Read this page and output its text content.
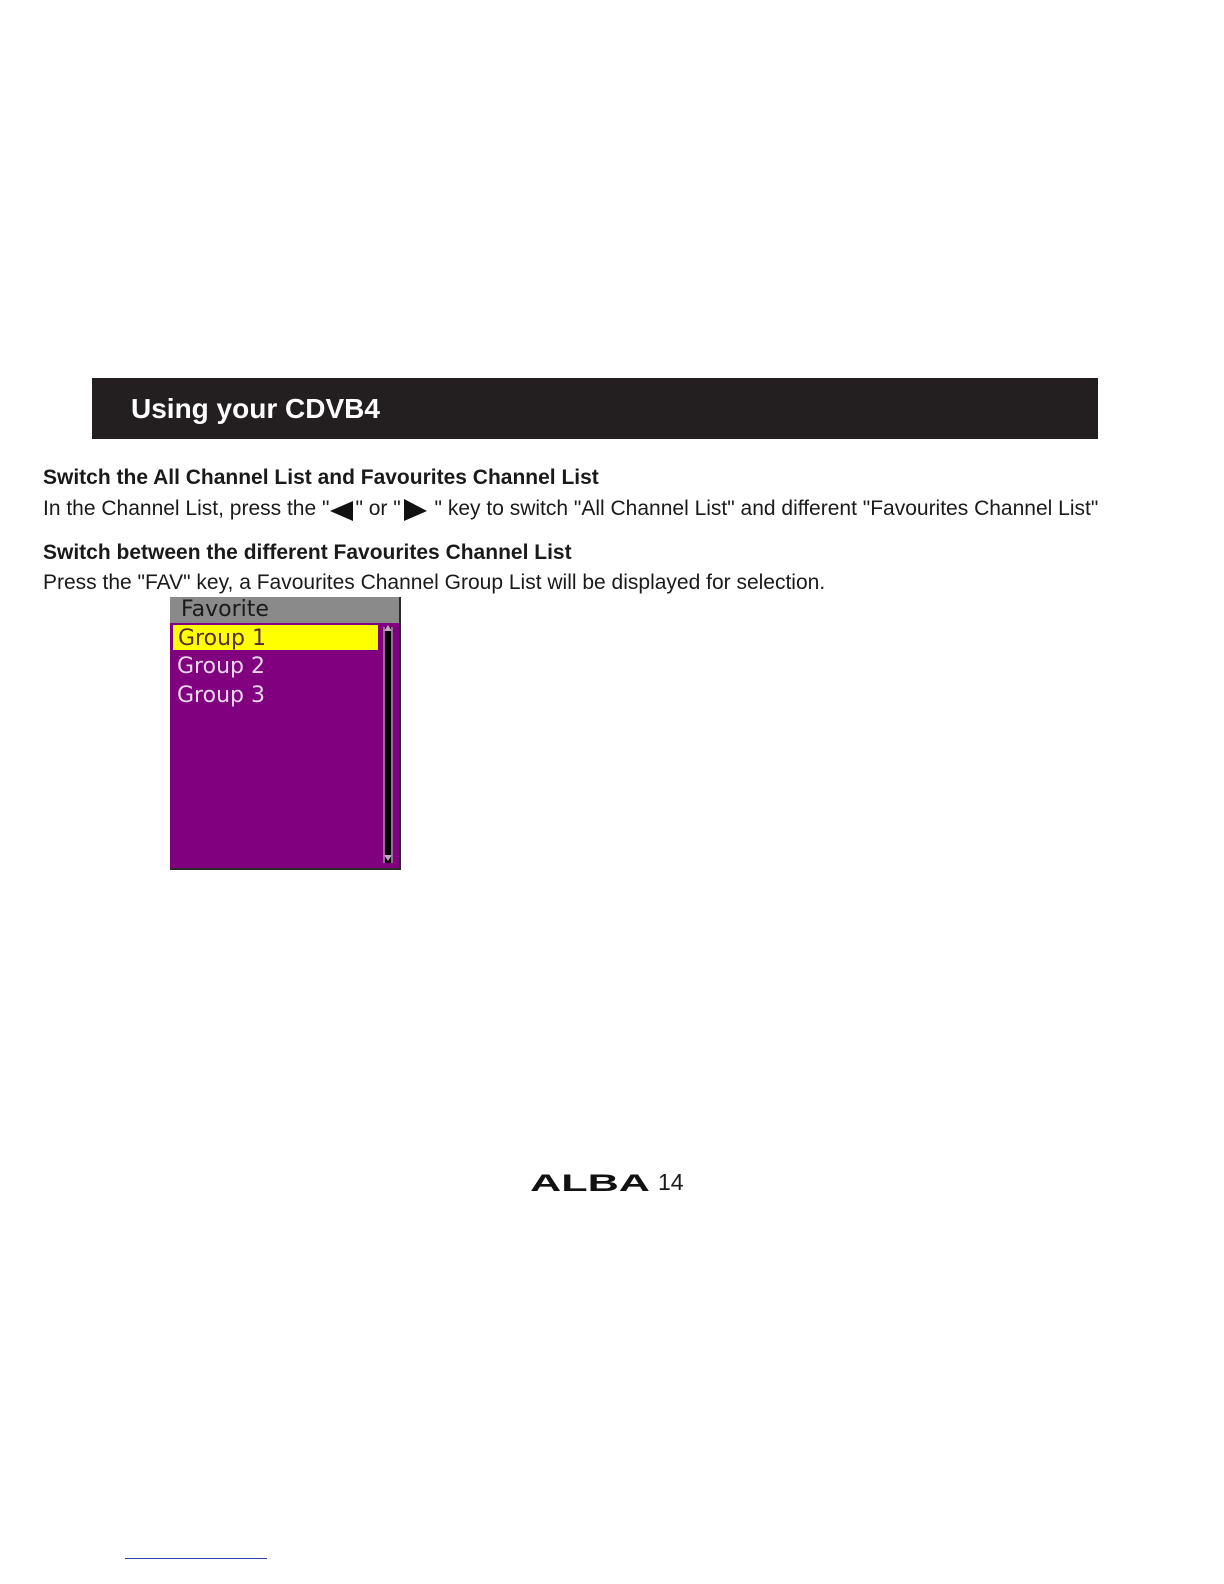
Using your CDVB4
Switch the All Channel List and Favourites Channel List
In the Channel List, press the " " or " " key to switch "All Channel List" and different "Favourites Channel List"
Switch between the different Favourites Channel List
Press the "FAV" key, a Favourites Channel Group List will be displayed for selection.
Favorite
Group 1
Group 2
Group 3
ALBA 14
